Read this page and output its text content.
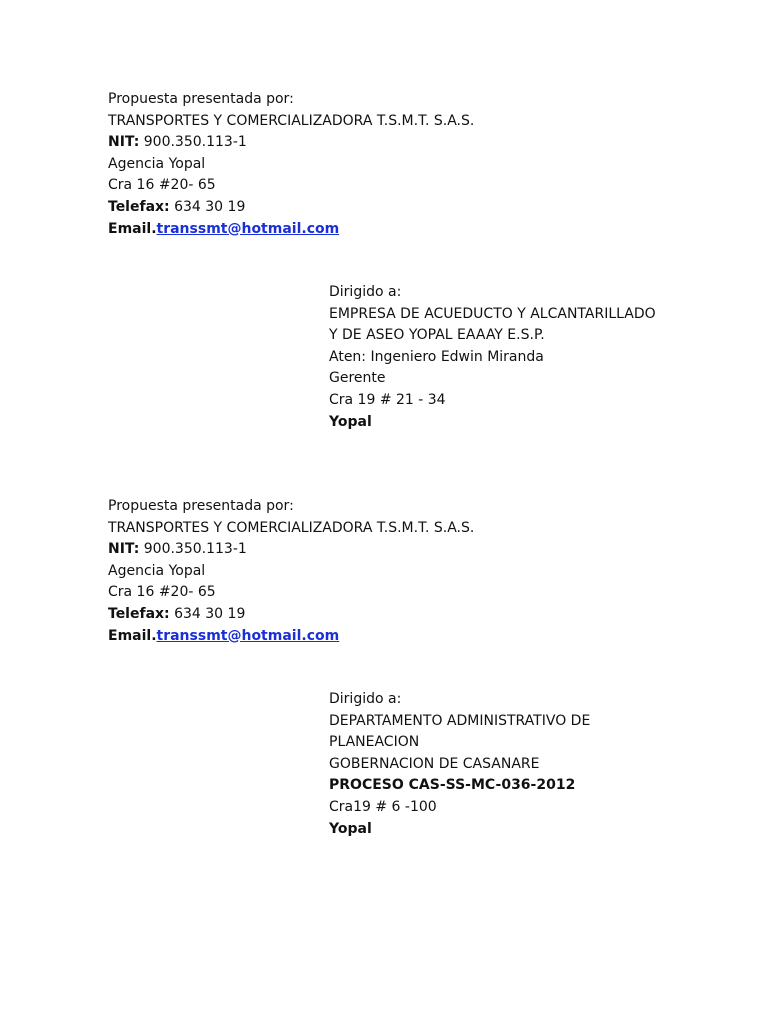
Propuesta presentada por:
TRANSPORTES Y COMERCIALIZADORA T.S.M.T. S.A.S.
NIT: 900.350.113-1
Agencia Yopal
Cra 16 #20- 65
Telefax: 634 30 19
Email.transsmt@hotmail.com
Dirigido a:
EMPRESA DE ACUEDUCTO Y ALCANTARILLADO
Y DE ASEO YOPAL EAAAY E.S.P.
Aten: Ingeniero Edwin Miranda
Gerente
Cra 19 # 21 - 34
Yopal
Propuesta presentada por:
TRANSPORTES Y COMERCIALIZADORA T.S.M.T. S.A.S.
NIT: 900.350.113-1
Agencia Yopal
Cra 16 #20- 65
Telefax: 634 30 19
Email.transsmt@hotmail.com
Dirigido a:
DEPARTAMENTO ADMINISTRATIVO DE
PLANEACION
GOBERNACION DE CASANARE
PROCESO CAS-SS-MC-036-2012
Cra19 # 6 -100
Yopal
